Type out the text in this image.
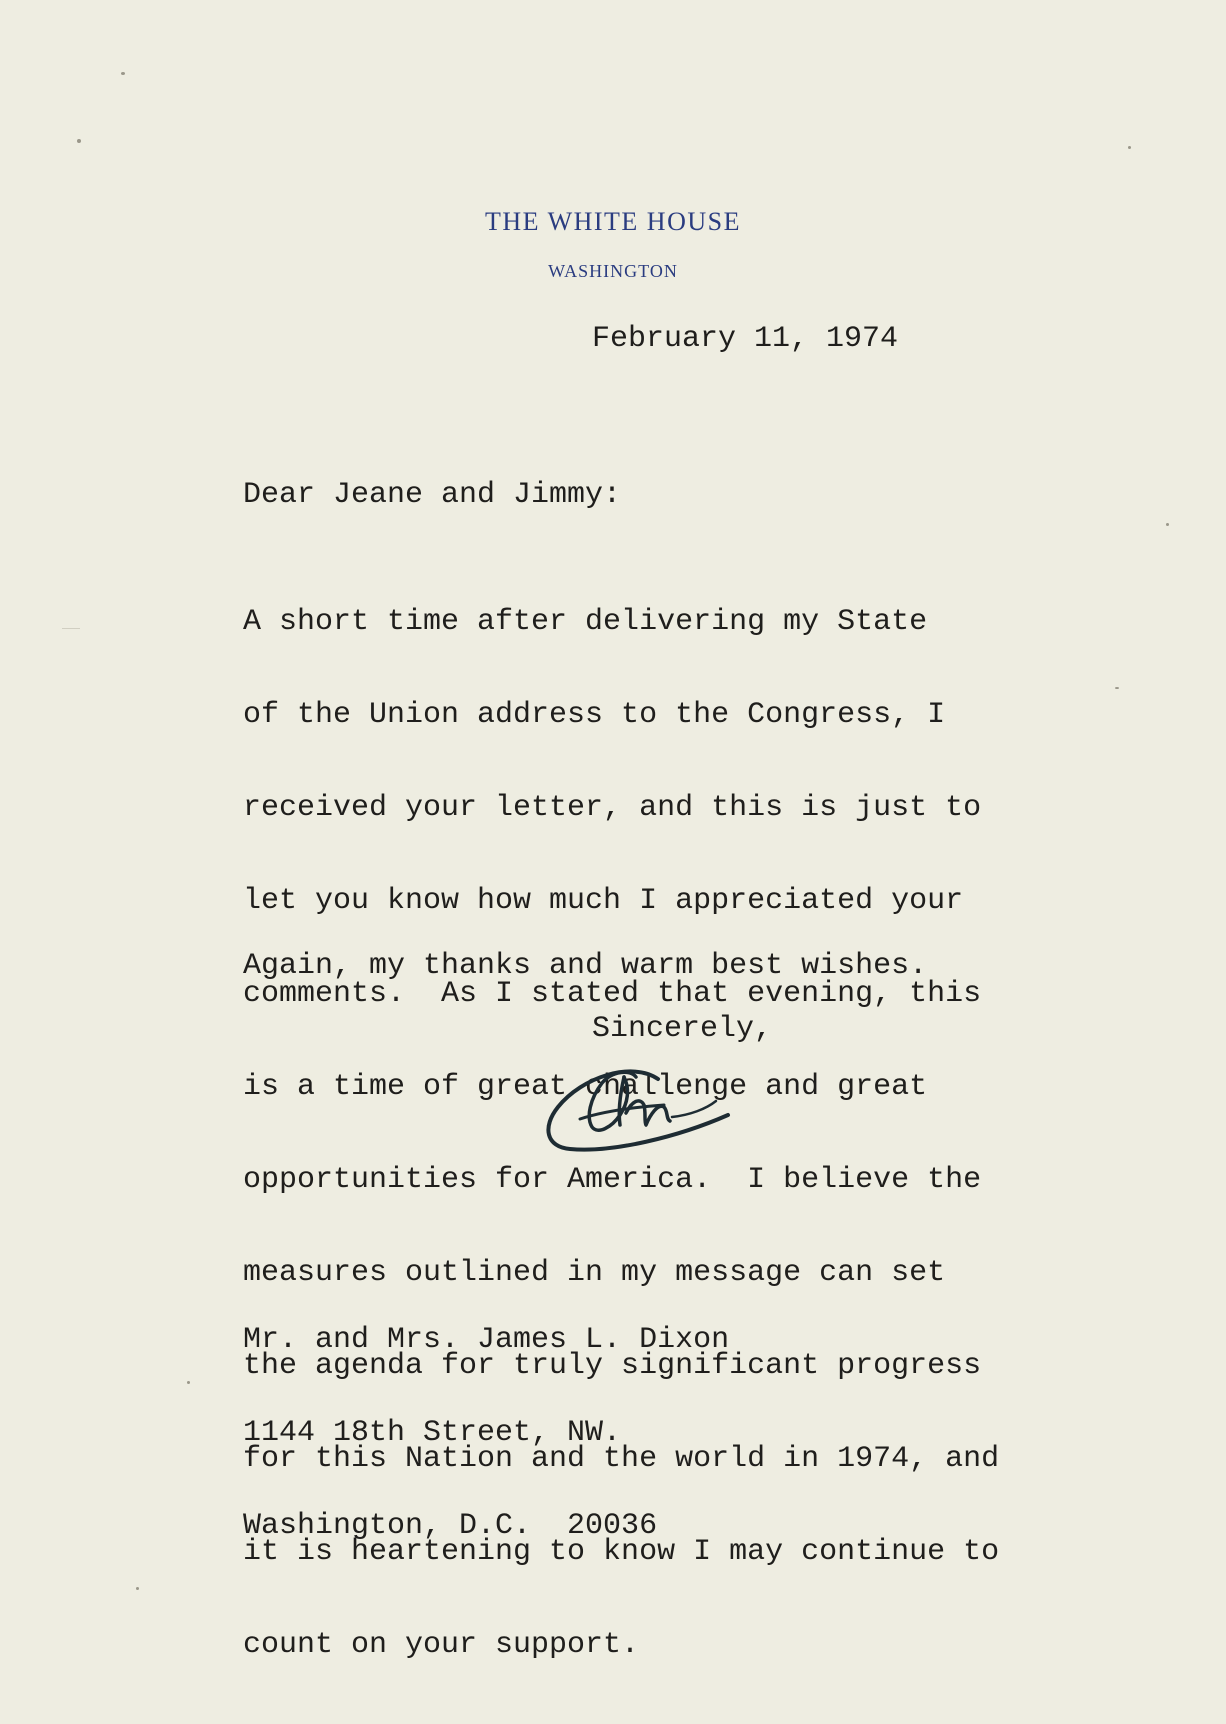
THE WHITE HOUSE
WASHINGTON
February 11, 1974
Dear Jeane and Jimmy:

A short time after delivering my State

of the Union address to the Congress, I

received your letter, and this is just to

let you know how much I appreciated your

comments.  As I stated that evening, this

is a time of great challenge and great

opportunities for America.  I believe the

measures outlined in my message can set

the agenda for truly significant progress

for this Nation and the world in 1974, and

it is heartening to know I may continue to

count on your support.

Again, my thanks and warm best wishes.
Sincerely,

Mr. and Mrs. James L. Dixon

1144 18th Street, NW.

Washington, D.C.  20036
